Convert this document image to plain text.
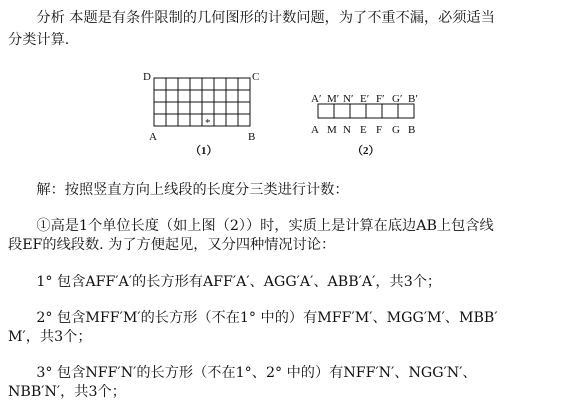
　　分析 本题是有条件限制的几何图形的计数问题，为了不重不漏，必须适当
分类计算.
D	C
A	B
*
（1）
A′ M′ N′ E′ F′ G′ B′
A M N E F G B
（2）
　　解：按照竖直方向上线段的长度分三类进行计数：
　　①高是1个单位长度（如上图（2））时，实质上是计算在底边AB上包含线
段EF的线段数. 为了方便起见，又分四种情况讨论：
　　1° 包含AFF′A′的长方形有AFF′A′、AGG′A′、ABB′A′，共3个；
　　2° 包含MFF′M′的长方形（不在1° 中的）有MFF′M′、MGG′M′、MBB′
M′，共3个；
　　3° 包含NFF′N′的长方形（不在1°、2° 中的）有NFF′N′、NGG′N′、
NBB′N′，共3个；
